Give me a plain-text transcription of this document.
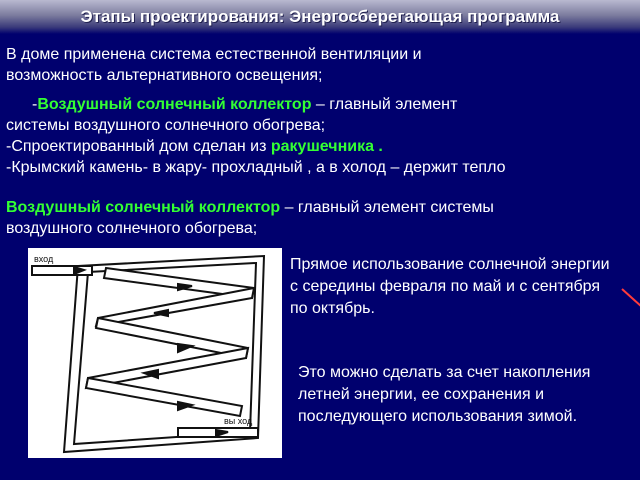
Этапы проектирования: Энергосберегающая программа
В доме применена система естественной вентиляции и
возможность альтернативного освещения;
-Воздушный солнечный коллектор – главный элемент
системы воздушного солнечного обогрева;
- Спроектированный дом сделан из ракушечника .
- Крымский камень- в жару- прохладный , а в холод – держит тепло
Воздушный солнечный коллектор – главный элемент системы
воздушного солнечного обогрева;
вход
вы ход
Прямое использование солнечной энергии с середины февраля по май и с сентября по октябрь.
Это можно сделать за счет накопления летней энергии, ее сохранения и последующего использования зимой.
